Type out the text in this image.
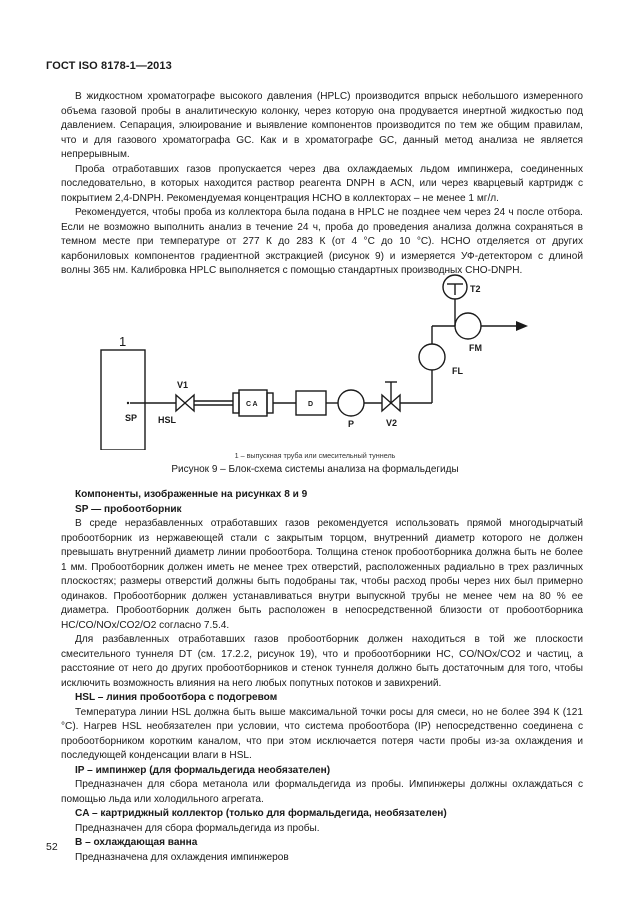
ГОСТ ISO 8178-1—2013

В жидкостном хроматографе высокого давления (HPLC) производится впрыск небольшого измеренного объема газовой пробы в аналитическую колонку, через которую она продувается инертной жидкостью под давлением. Сепарация, элюирование и выявление компонентов производится по тем же общим правилам, что и для газового хроматографа GC. Как и в хроматографе GC, данный метод анализа не является непрерывным.

Проба отработавших газов пропускается через два охлаждаемых льдом импинжера, соединенных последовательно, в которых находится раствор реагента DNPH в ACN, или через кварцевый картридж с покрытием 2,4-DNPH. Рекомендуемая концентрация HCHO в коллекторах – не менее 1 мг/л.

Рекомендуется, чтобы проба из коллектора была подана в HPLC не позднее чем через 24 ч после отбора. Если не возможно выполнить анализ в течение 24 ч, проба до проведения анализа должна сохраняться в темном месте при температуре от 277 К до 283 К (от 4 °С до 10 °С). HCHO отделяется от других карбониловых компонентов градиентной экстракцией (рисунок 9) и измеряется УФ-детектором с длиной волны 365 нм. Калибровка HPLC выполняется с помощью стандартных производных CHO-DNPH.

1
SP
V1
HSL
C A	D
P	V2
FL
FM
T2
1 – выпускная труба или смесительный туннель
Рисунок 9 – Блок-схема системы анализа на формальдегиды

Компоненты, изображенные на рисунках 8 и 9

SP — пробоотборник

В среде неразбавленных отработавших газов рекомендуется использовать прямой многодырчатый пробоотборник из нержавеющей стали с закрытым торцом, внутренний диаметр которого не должен превышать внутренний диаметр линии пробоотбора. Толщина стенок пробоотборника должна быть не более 1 мм. Пробоотборник должен иметь не менее трех отверстий, расположенных радиально в трех различных плоскостях; размеры отверстий должны быть подобраны так, чтобы расход пробы через них был примерно одинаков. Пробоотборник должен устанавливаться внутри выпускной трубы не менее чем на 80 % ее диаметра. Пробоотборник должен быть расположен в непосредственной близости от пробоотборника HC/CO/NOx/CO2/O2 согласно 7.5.4.

Для разбавленных отработавших газов пробоотборник должен находиться в той же плоскости смесительного туннеля DT (см. 17.2.2, рисунок 19), что и пробоотборники HC, CO/NOx/CO2 и частиц, а расстояние от него до других пробоотборников и стенок туннеля должно быть достаточным для того, чтобы исключить возможность влияния на него любых попутных потоков и завихрений.

HSL – линия пробоотбора с подогревом

Температура линии HSL должна быть выше максимальной точки росы для смеси, но не более 394 К (121 °С). Нагрев HSL необязателен при условии, что система пробоотбора (IP) непосредственно соединена с пробоотборником коротким каналом, что при этом исключается потеря части пробы из-за охлаждения и последующей конденсации влаги в HSL.

IP – импинжер (для формальдегида необязателен)

Предназначен для сбора метанола или формальдегида из пробы. Импинжеры должны охлаждаться с помощью льда или холодильного агрегата.

CA – картриджный коллектор (только для формальдегида, необязателен)

Предназначен для сбора формальдегида из пробы.

B – охлаждающая ванна

Предназначена для охлаждения импинжеров

52
